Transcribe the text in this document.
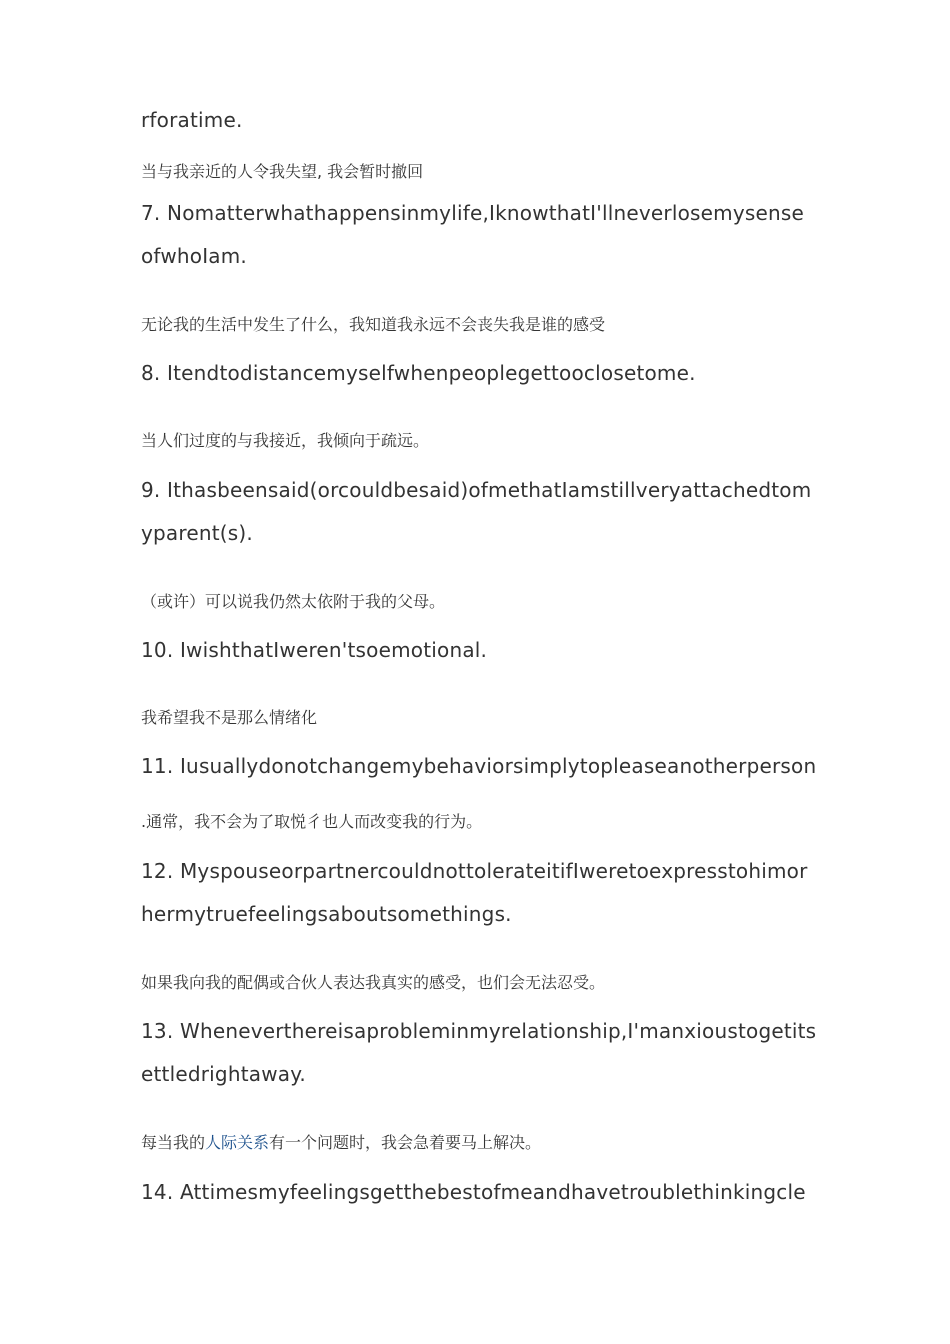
rforatime.
当与我亲近的人令我失望, 我会暂时撤回
7. Nomatterwhathappensinmylife,IknowthatI'llneverlosemysense
ofwhoIam.
无论我的生活中发生了什么，我知道我永远不会丧失我是谁的感受
8. Itendtodistancemyselfwhenpeoplegettooclosetome.
当人们过度的与我接近，我倾向于疏远。
9. Ithasbeensaid(orcouldbesaid)ofmethatIamstillveryattachedtom
yparent(s).
（或许）可以说我仍然太依附于我的父母。
10. IwishthatIweren'tsoemotional.
我希望我不是那么情绪化
11. Iusuallydonotchangemybehaviorsimplytopleaseanotherperson
.通常，我不会为了取悦彳也人而改变我的行为。
12. MyspouseorpartnercouldnottolerateitifIweretoexpresstohimor
hermytruefeelingsaboutsomethings.
如果我向我的配偶或合伙人表达我真实的感受，也们会无法忍受。
13. Wheneverthereisaprobleminmyrelationship,I'manxioustogetits
ettledrightaway.
每当我的人际关系有一个问题时，我会急着要马上解决。
14. Attimesmyfeelingsgetthebestofmeandhavetroublethinkingcle
